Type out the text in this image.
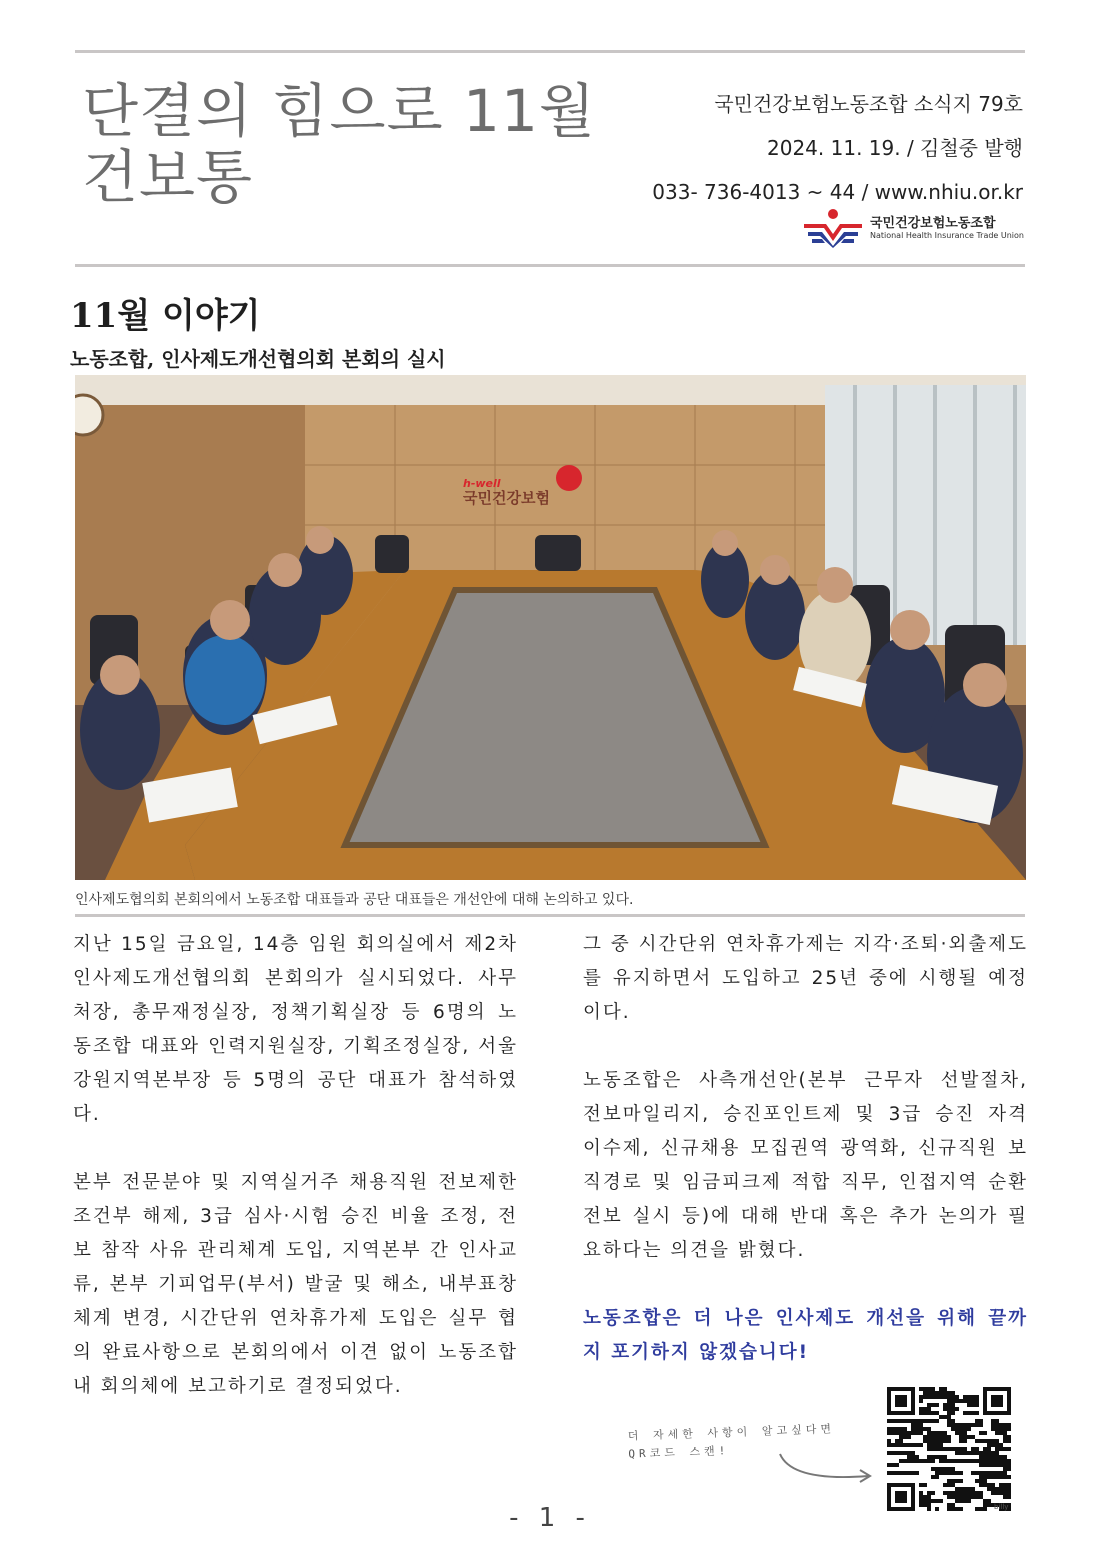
단결의 힘으로 11월
건보통
국민건강보험노동조합 소식지 79호
2024. 11. 19. / 김철중 발행
033- 736-4013 ~ 44 / www.nhiu.or.kr
국민건강보험노동조합
National Health Insurance Trade Union
11월 이야기
노동조합, 인사제도개선협의회 본회의 실시
h-well
국민건강보험
인사제도협의회 본회의에서 노동조합 대표들과 공단 대표들은 개선안에 대해 논의하고 있다.

지난 15일 금요일, 14층 임원 회의실에서 제2차 인사제도개선협의회 본회의가 실시되었다. 사무처장, 총무재정실장, 정책기획실장 등 6명의 노동조합 대표와 인력지원실장, 기획조정실장, 서울강원지역본부장 등 5명의 공단 대표가 참석하였다.

본부 전문분야 및 지역실거주 채용직원 전보제한 조건부 해제, 3급 심사·시험 승진 비율 조정, 전보 참작 사유 관리체계 도입, 지역본부 간 인사교류, 본부 기피업무(부서) 발굴 및 해소, 내부표창 체계 변경, 시간단위 연차휴가제 도입은 실무 협의 완료사항으로 본회의에서 이견 없이 노동조합 내 회의체에 보고하기로 결정되었다.

그 중 시간단위 연차휴가제는 지각·조퇴·외출제도를 유지하면서 도입하고 25년 중에 시행될 예정이다.

노동조합은 사측개선안(본부 근무자 선발절차, 전보마일리지, 승진포인트제 및 3급 승진 자격 이수제, 신규채용 모집권역 광역화, 신규직원 보직경로 및 임금피크제 적합 직무, 인접지역 순환전보 실시 등)에 대해 반대 혹은 추가 논의가 필요하다는 의견을 밝혔다.

노동조합은 더 나은 인사제도 개선을 위해 끝까지 포기하지 않겠습니다!

더 자세한 사항이 알고싶다면
QR코드 스캔!
billy
- 1 -
